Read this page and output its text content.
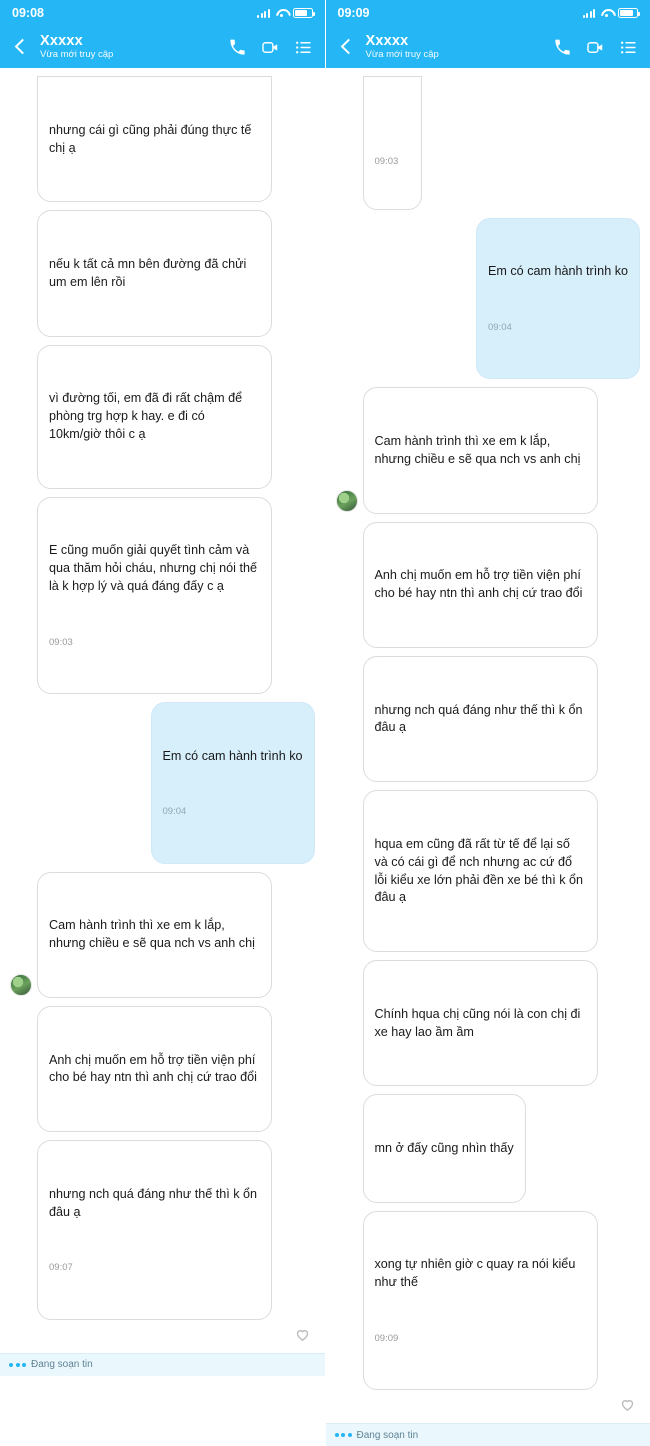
09:08
Xxxxx
Vừa mới truy cập

nhưng cái gì cũng phải đúng thực tế chị ạ

nếu k tất cả mn bên đường đã chửi um em lên rồi

vì đường tối, em đã đi rất chậm để phòng trg hợp k hay. e đi có 10km/giờ thôi c ạ

E cũng muốn giải quyết tình cảm và qua thăm hỏi cháu, nhưng chị nói thế là k hợp lý và quá đáng đấy c ạ

09:03

Em có cam hành trình ko

09:04

Cam hành trình thì xe em k lắp, nhưng chiều e sẽ qua nch vs anh chị

Anh chị muốn em hỗ trợ tiền viện phí cho bé hay ntn thì anh chị cứ trao đổi

nhưng nch quá đáng như thế thì k ổn đâu ạ

09:07

Đang soạn tin
09:09
Xxxxx
Vừa mới truy cập

09:03

Em có cam hành trình ko

09:04

Cam hành trình thì xe em k lắp, nhưng chiều e sẽ qua nch vs anh chị

Anh chị muốn em hỗ trợ tiền viện phí cho bé hay ntn thì anh chị cứ trao đổi

nhưng nch quá đáng như thế thì k ổn đâu ạ

hqua em cũng đã rất từ tế để lại số và có cái gì để nch nhưng ac cứ đổ lỗi kiểu xe lớn phải đền xe bé thì k ổn đâu ạ

Chính hqua chị cũng nói là con chị đi xe hay lao ầm ầm

mn ở đấy cũng nhìn thấy

xong tự nhiên giờ c quay ra nói kiểu như thế

09:09

Đang soạn tin
